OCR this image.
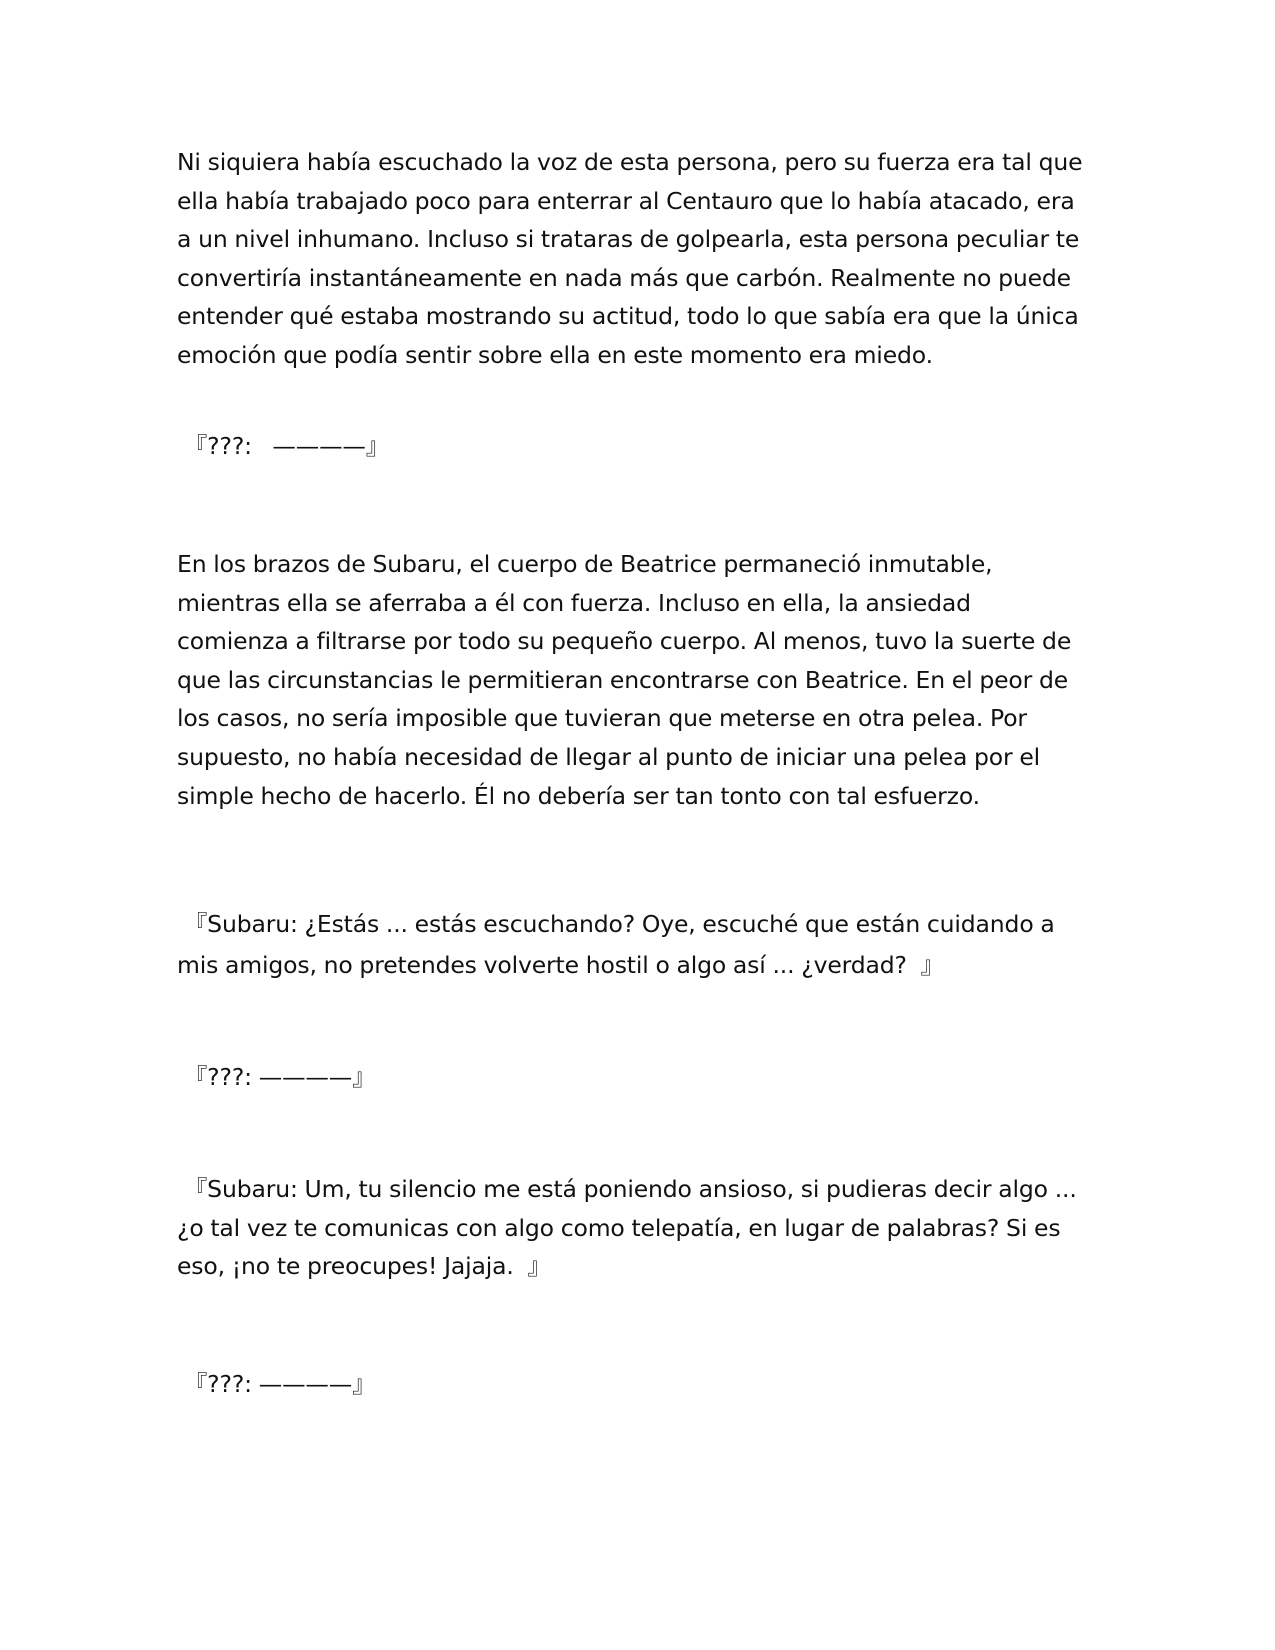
Ni siquiera había escuchado la voz de esta persona, pero su fuerza era tal que
ella había trabajado poco para enterrar al Centauro que lo había atacado, era
a un nivel inhumano. Incluso si trataras de golpearla, esta persona peculiar te
convertiría instantáneamente en nada más que carbón. Realmente no puede
entender qué estaba mostrando su actitud, todo lo que sabía era que la única
emoción que podía sentir sobre ella en este momento era miedo.

『???:   ————』

En los brazos de Subaru, el cuerpo de Beatrice permaneció inmutable,
mientras ella se aferraba a él con fuerza. Incluso en ella, la ansiedad
comienza a filtrarse por todo su pequeño cuerpo. Al menos, tuvo la suerte de
que las circunstancias le permitieran encontrarse con Beatrice. En el peor de
los casos, no sería imposible que tuvieran que meterse en otra pelea. Por
supuesto, no había necesidad de llegar al punto de iniciar una pelea por el
simple hecho de hacerlo. Él no debería ser tan tonto con tal esfuerzo.

『Subaru: ¿Estás ... estás escuchando? Oye, escuché que están cuidando a
mis amigos, no pretendes volverte hostil o algo así ... ¿verdad?  』

『???: ————』

『Subaru: Um, tu silencio me está poniendo ansioso, si pudieras decir algo ...
¿o tal vez te comunicas con algo como telepatía, en lugar de palabras? Si es
eso, ¡no te preocupes! Jajaja.  』

『???: ————』
